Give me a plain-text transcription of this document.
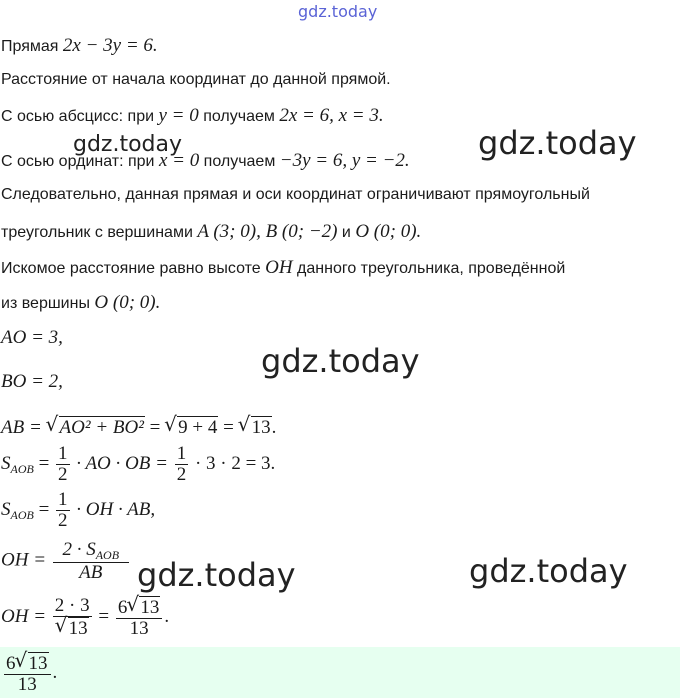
gdz.today
Прямая 2x − 3y = 6.
Расстояние от начала координат до данной прямой.
С осью абсцисс: при y = 0 получаем 2x = 6, x = 3.
С осью ординат: при x = 0 получаем −3y = 6, y = −2.
Следовательно, данная прямая и оси координат ограничивают прямоугольный
треугольник с вершинами A (3; 0), B (0; −2) и O (0; 0).
Искомое расстояние равно высоте OH данного треугольника, проведённой
из вершины O (0; 0).
AO = 3,
BO = 2,
AB = √ AO² + BO² = √ 9 + 4 = √ 13.
$S_{AOB} = \frac{1}{2}$ · AO · OB = $\frac{1}{2} \cdot 3 \cdot 2 = 3$.
$S_{AOB} = \frac{1}{2}$ · OH · AB,
OH = $\frac{2 \cdot S_{AOB}}{AB}$
OH = 2 · 3
√ $13 = \frac{6 √ 13}{13}$ .
$\frac{6 √ 13}{13}$ .
gdz.today	gdz.today
gdz.today
gdz.today	gdz.today
